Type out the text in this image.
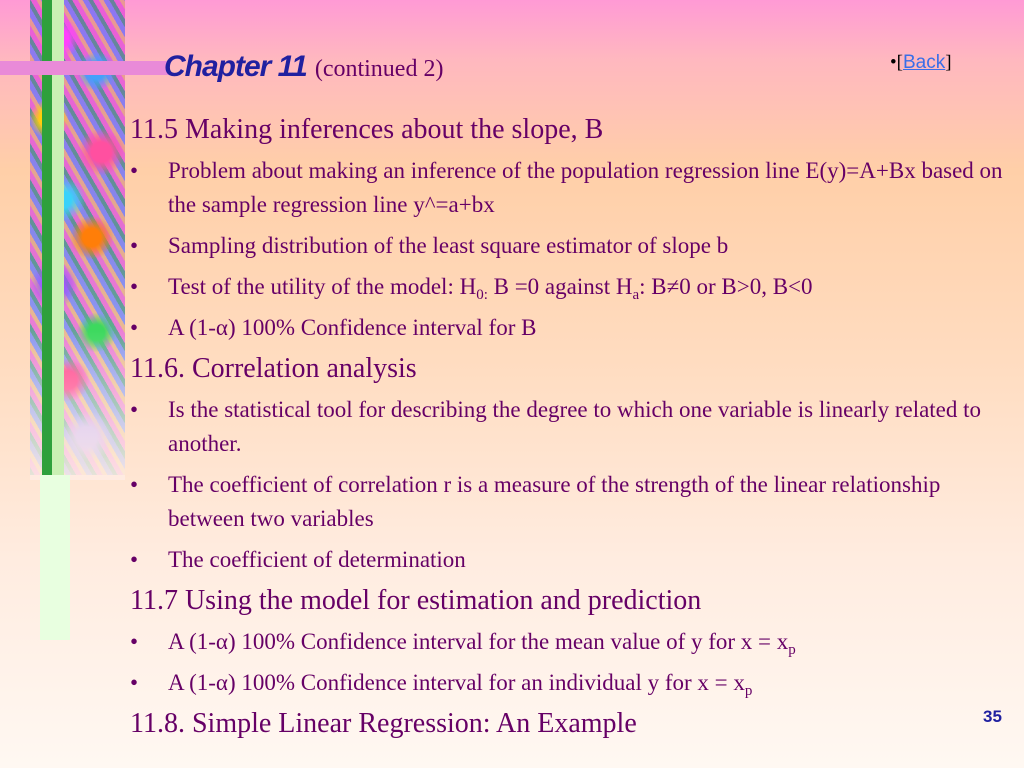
Chapter 11 (continued 2)	•[Back]
11.5 Making inferences about the slope, B
• Problem about making an inference of the population regression line E(y)=A+Bx based on the sample regression line y^=a+bx
• Sampling distribution of the least square estimator of slope b
• Test of the utility of the model: $H_{0:}$ B =0 against $H_a$: B≠0 or B>0, B<0
• A (1-α) 100% Confidence interval for B
11.6. Correlation analysis
• Is the statistical tool for describing the degree to which one variable is linearly related to another.
• The coefficient of correlation r is a measure of the strength of the linear relationship between two variables
• The coefficient of determination
11.7 Using the model for estimation and prediction
• A (1-α) 100% Confidence interval for the mean value of y for $x = x_p$
• A (1-α) 100% Confidence interval for an individual y for $x = x_p$
11.8. Simple Linear Regression: An Example	35
